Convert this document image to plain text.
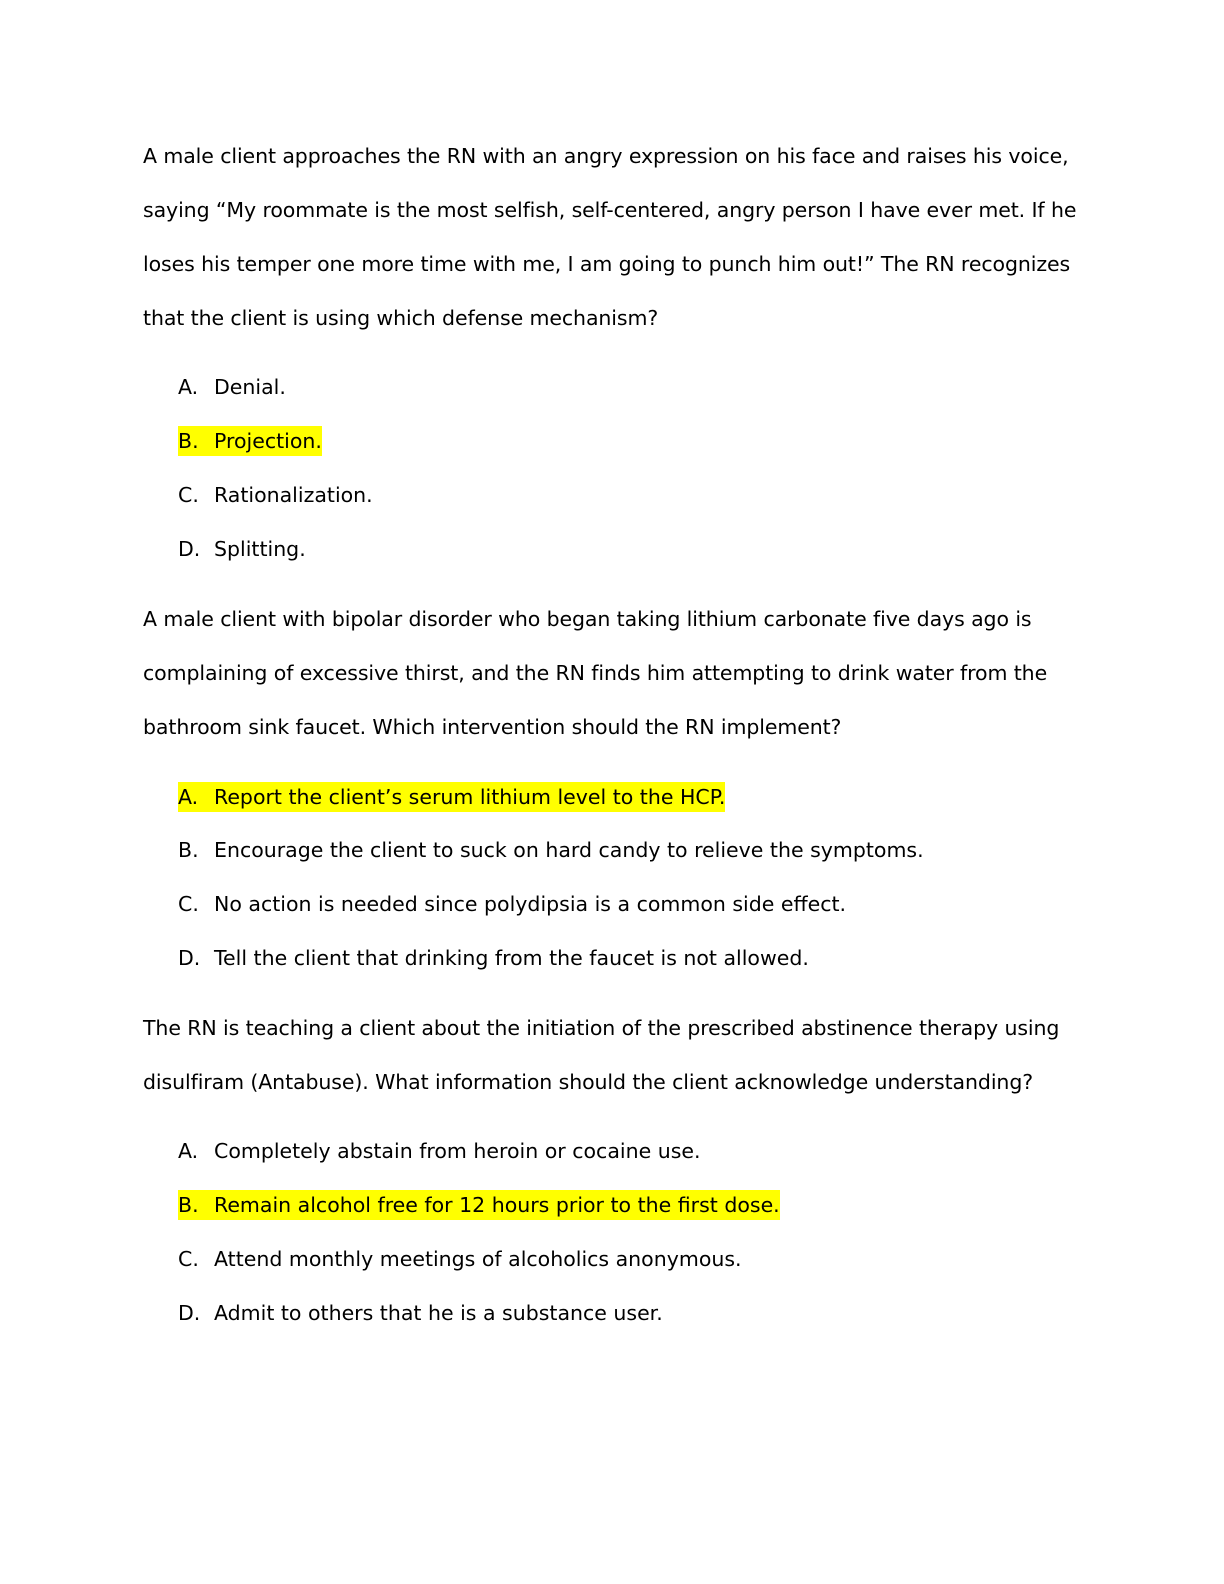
A male client approaches the RN with an angry expression on his face and raises his voice,
saying “My roommate is the most selfish, self-centered, angry person I have ever met. If he
loses his temper one more time with me, I am going to punch him out!” The RN recognizes
that the client is using which defense mechanism?

A. Denial.
B. Projection.
C. Rationalization.
D. Splitting.

A male client with bipolar disorder who began taking lithium carbonate five days ago is
complaining of excessive thirst, and the RN finds him attempting to drink water from the
bathroom sink faucet. Which intervention should the RN implement?

A. Report the client’s serum lithium level to the HCP.
B. Encourage the client to suck on hard candy to relieve the symptoms.
C. No action is needed since polydipsia is a common side effect.
D. Tell the client that drinking from the faucet is not allowed.

The RN is teaching a client about the initiation of the prescribed abstinence therapy using
disulfiram (Antabuse). What information should the client acknowledge understanding?

A. Completely abstain from heroin or cocaine use.
B. Remain alcohol free for 12 hours prior to the first dose.
C. Attend monthly meetings of alcoholics anonymous.
D. Admit to others that he is a substance user.
